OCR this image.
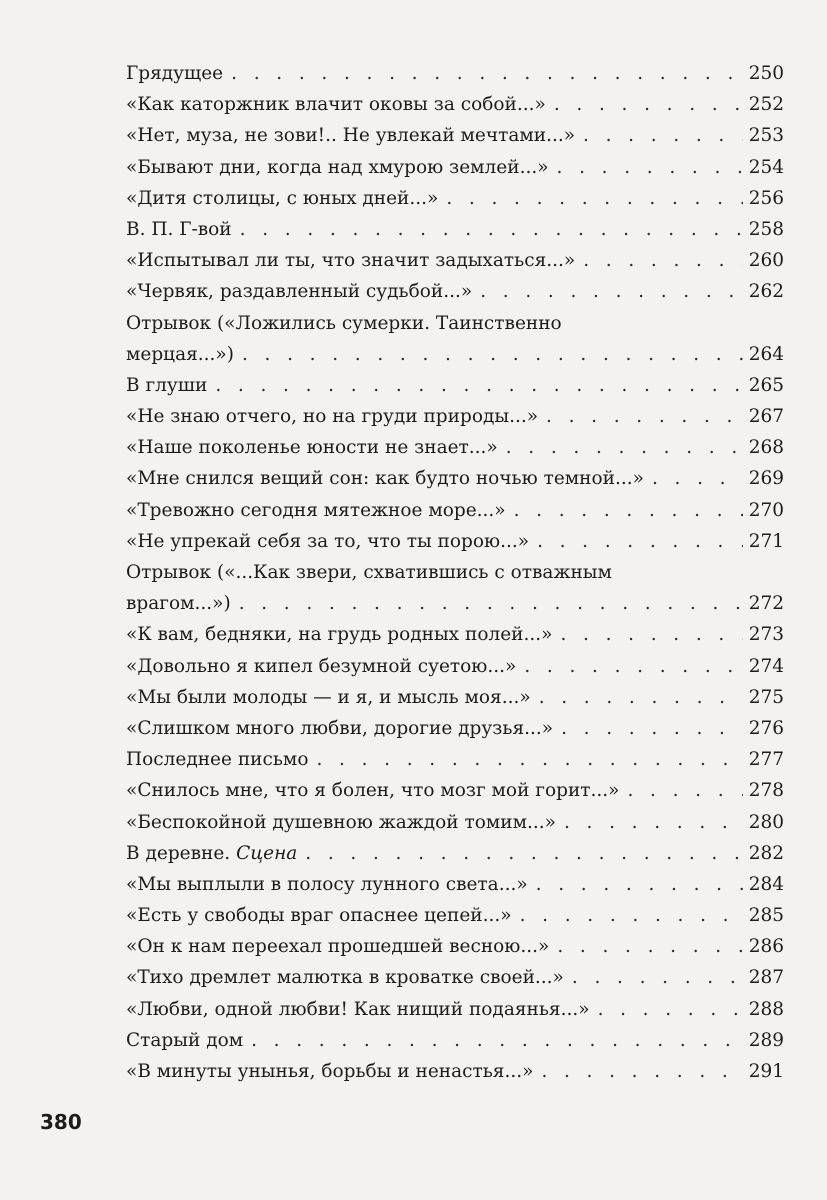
Грядущее . . .	250
«Как каторжник влачит оковы за собой...» . . .	252
«Нет, муза, не зови!.. Не увлекай мечтами...» . . .	253
«Бывают дни, когда над хмурою землей...» . . .	254
«Дитя столицы, с юных дней...» . . .	256
В. П. Г-вой . . .	258
«Испытывал ли ты, что значит задыхаться...» . . .	260
«Червяк, раздавленный судьбой...» . . .	262
Отрывок («Ложились сумерки. Таинственно
мерцая...») . . .	264
В глуши . . .	265
«Не знаю отчего, но на груди природы...» . . .	267
«Наше поколенье юности не знает...» . . .	268
«Мне снился вещий сон: как будто ночью темной...» . . .	269
«Тревожно сегодня мятежное море...» . . .	270
«Не упрекай себя за то, что ты порою...» . . .	271
Отрывок («...Как звери, схватившись с отважным
врагом...») . . .	272
«К вам, бедняки, на грудь родных полей...» . . .	273
«Довольно я кипел безумной суетою...» . . .	274
«Мы были молоды — и я, и мысль моя...» . . .	275
«Слишком много любви, дорогие друзья...» . . .	276
Последнее письмо . . .	277
«Снилось мне, что я болен, что мозг мой горит...» . . .	278
«Беспокойной душевною жаждой томим...» . . .	280
В деревне. Сцена . . .	282
«Мы выплыли в полосу лунного света...» . . .	284
«Есть у свободы враг опаснее цепей...» . . .	285
«Он к нам переехал прошедшей весною...» . . .	286
«Тихо дремлет малютка в кроватке своей...» . . .	287
«Любви, одной любви! Как нищий подаянья...» . . .	288
Старый дом . . .	289
«В минуты унынья, борьбы и ненастья...» . . .	291
380
